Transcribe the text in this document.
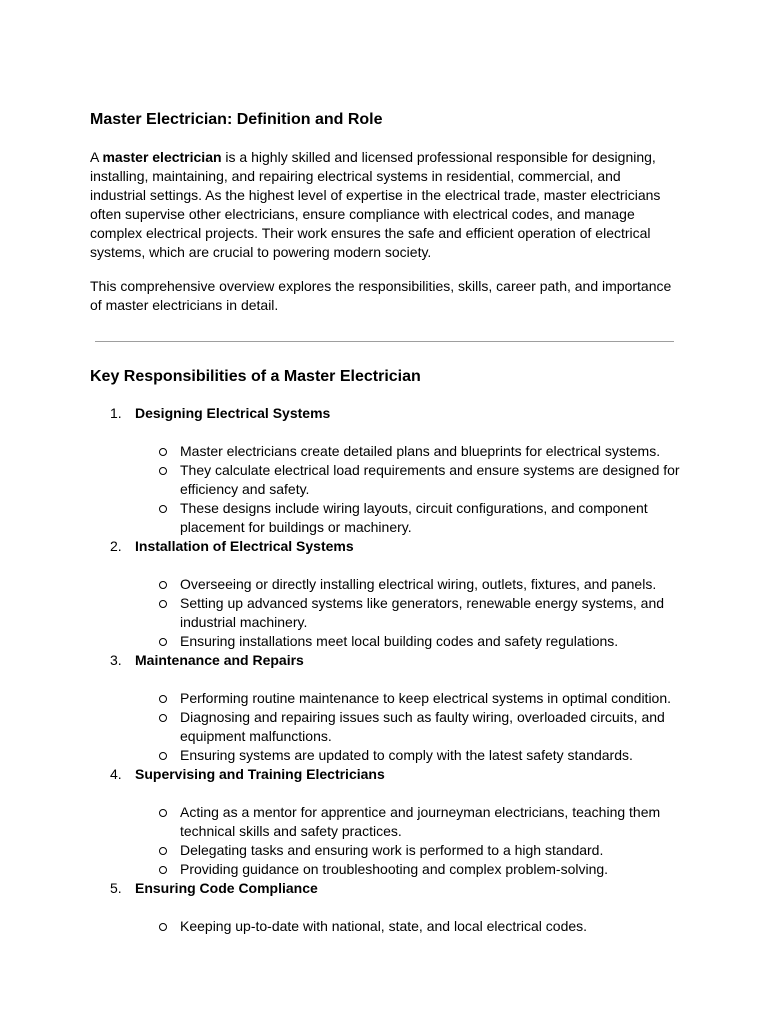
Master Electrician: Definition and Role

A master electrician is a highly skilled and licensed professional responsible for designing, installing, maintaining, and repairing electrical systems in residential, commercial, and industrial settings. As the highest level of expertise in the electrical trade, master electricians often supervise other electricians, ensure compliance with electrical codes, and manage complex electrical projects. Their work ensures the safe and efficient operation of electrical systems, which are crucial to powering modern society.

This comprehensive overview explores the responsibilities, skills, career path, and importance of master electricians in detail.

Key Responsibilities of a Master Electrician
1. Designing Electrical Systems
Master electricians create detailed plans and blueprints for electrical systems.
They calculate electrical load requirements and ensure systems are designed for efficiency and safety.
These designs include wiring layouts, circuit configurations, and component placement for buildings or machinery.
2. Installation of Electrical Systems
Overseeing or directly installing electrical wiring, outlets, fixtures, and panels.
Setting up advanced systems like generators, renewable energy systems, and industrial machinery.
Ensuring installations meet local building codes and safety regulations.
3. Maintenance and Repairs
Performing routine maintenance to keep electrical systems in optimal condition.
Diagnosing and repairing issues such as faulty wiring, overloaded circuits, and equipment malfunctions.
Ensuring systems are updated to comply with the latest safety standards.
4. Supervising and Training Electricians
Acting as a mentor for apprentice and journeyman electricians, teaching them technical skills and safety practices.
Delegating tasks and ensuring work is performed to a high standard.
Providing guidance on troubleshooting and complex problem-solving.
5. Ensuring Code Compliance
Keeping up-to-date with national, state, and local electrical codes.
